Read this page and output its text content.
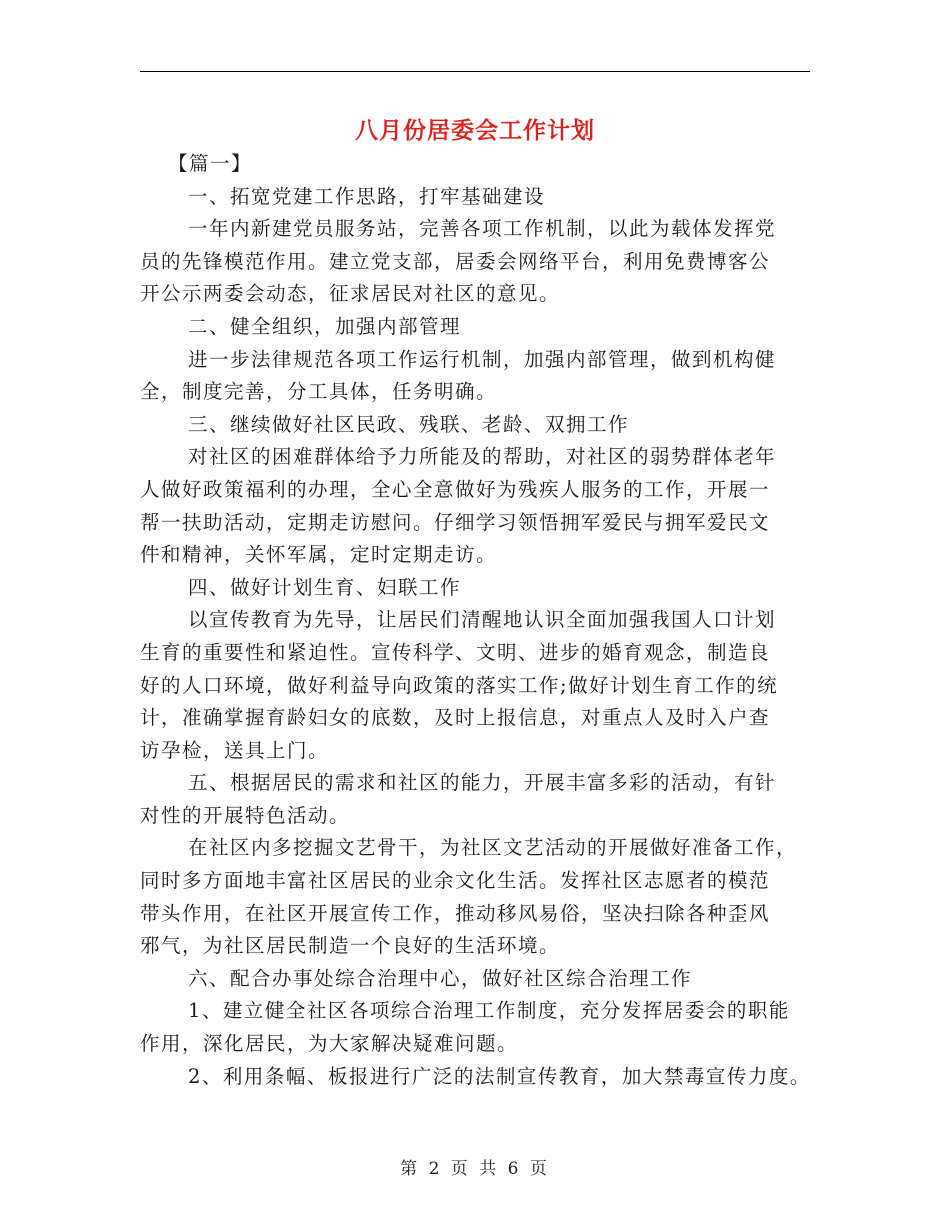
八月份居委会工作计划
【篇一】
一、拓宽党建工作思路，打牢基础建设
一年内新建党员服务站，完善各项工作机制，以此为载体发挥党
员的先锋模范作用。建立党支部，居委会网络平台，利用免费博客公
开公示两委会动态，征求居民对社区的意见。
二、健全组织，加强内部管理
进一步法律规范各项工作运行机制，加强内部管理，做到机构健
全，制度完善，分工具体，任务明确。
三、继续做好社区民政、残联、老龄、双拥工作
对社区的困难群体给予力所能及的帮助，对社区的弱势群体老年
人做好政策福利的办理，全心全意做好为残疾人服务的工作，开展一
帮一扶助活动，定期走访慰问。仔细学习领悟拥军爱民与拥军爱民文
件和精神，关怀军属，定时定期走访。
四、做好计划生育、妇联工作
以宣传教育为先导，让居民们清醒地认识全面加强我国人口计划
生育的重要性和紧迫性。宣传科学、文明、进步的婚育观念，制造良
好的人口环境，做好利益导向政策的落实工作;做好计划生育工作的统
计，准确掌握育龄妇女的底数，及时上报信息，对重点人及时入户查
访孕检，送具上门。
五、根据居民的需求和社区的能力，开展丰富多彩的活动，有针
对性的开展特色活动。
在社区内多挖掘文艺骨干，为社区文艺活动的开展做好准备工作，
同时多方面地丰富社区居民的业余文化生活。发挥社区志愿者的模范
带头作用，在社区开展宣传工作，推动移风易俗，坚决扫除各种歪风
邪气，为社区居民制造一个良好的生活环境。
六、配合办事处综合治理中心，做好社区综合治理工作
1、建立健全社区各项综合治理工作制度，充分发挥居委会的职能
作用，深化居民，为大家解决疑难问题。
2、利用条幅、板报进行广泛的法制宣传教育，加大禁毒宣传力度。
第 2 页 共 6 页
